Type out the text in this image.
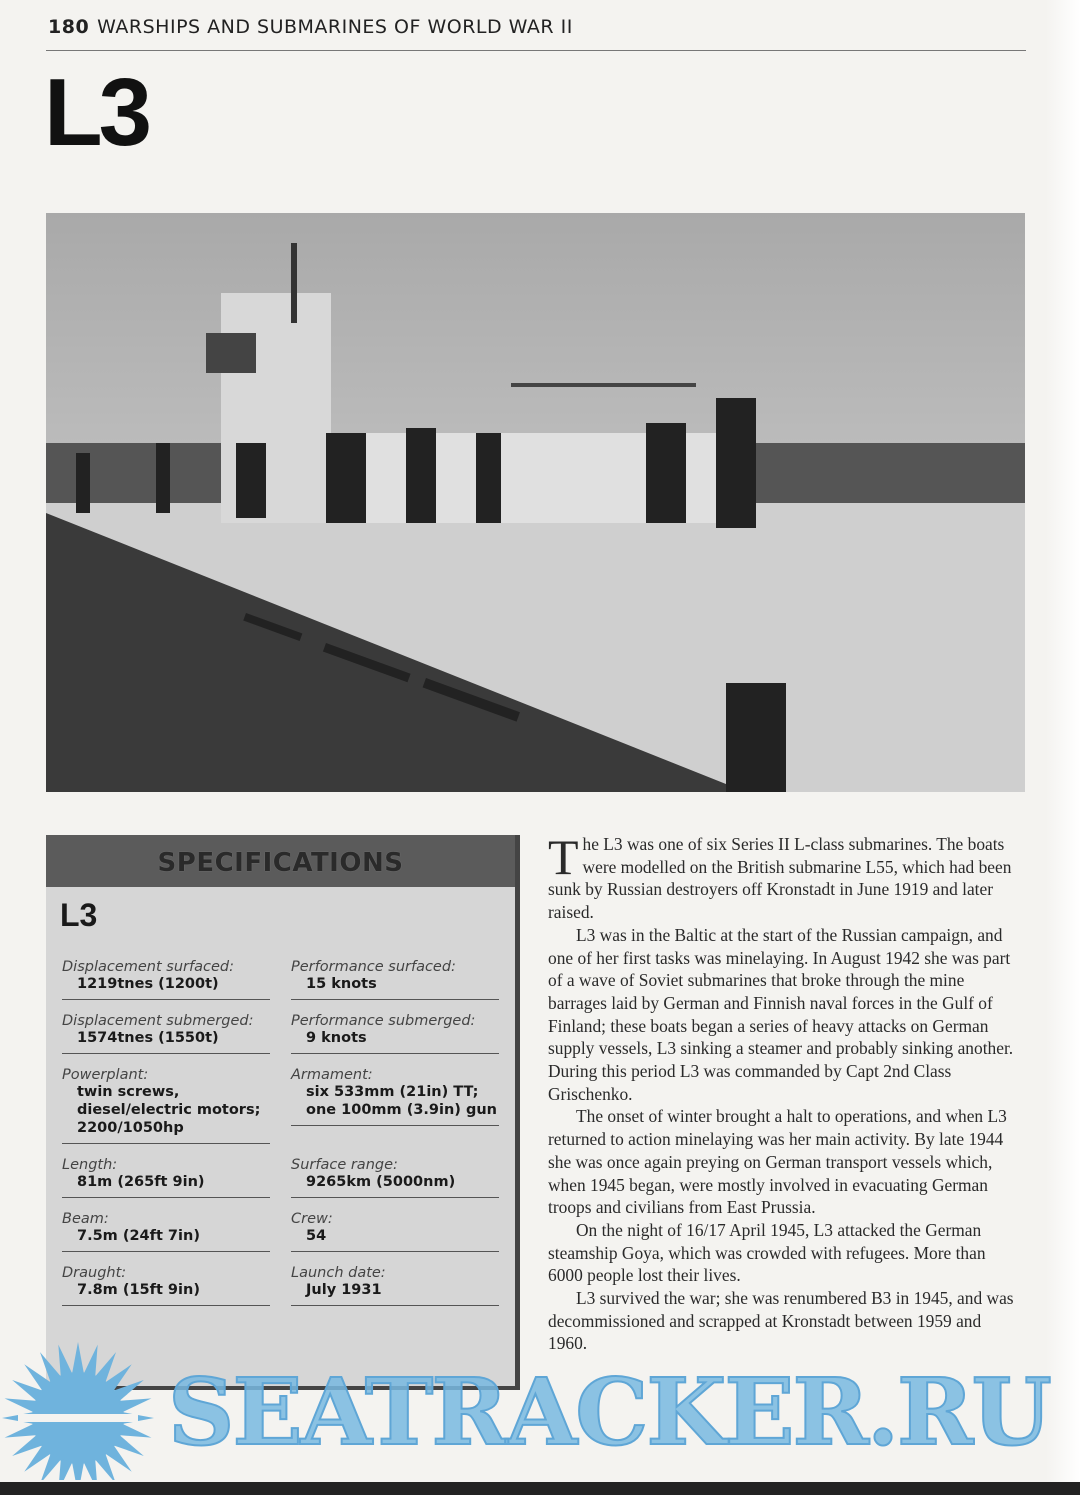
180 WARSHIPS AND SUBMARINES OF WORLD WAR II
L3
SPECIFICATIONS
L3
Displacement surfaced:
1219tnes (1200t)
Displacement submerged:
1574tnes (1550t)
Powerplant:
twin screws, diesel/electric motors; 2200/1050hp
Length:
81m (265ft 9in)
Beam:
7.5m (24ft 7in)
Draught:
7.8m (15ft 9in)
Performance surfaced:
15 knots
Performance submerged:
9 knots
Armament:
six 533mm (21in) TT; one 100mm (3.9in) gun
Surface range:
9265km (5000nm)
Crew:
54
Launch date:
July 1931

The L3 was one of six Series II L-class submarines. The boats were modelled on the British submarine L55, which had been sunk by Russian destroyers off Kronstadt in June 1919 and later raised.

L3 was in the Baltic at the start of the Russian campaign, and one of her first tasks was minelaying. In August 1942 she was part of a wave of Soviet submarines that broke through the mine barrages laid by German and Finnish naval forces in the Gulf of Finland; these boats began a series of heavy attacks on German supply vessels, L3 sinking a steamer and probably sinking another. During this period L3 was commanded by Capt 2nd Class Grischenko.

The onset of winter brought a halt to operations, and when L3 returned to action minelaying was her main activity. By late 1944 she was once again preying on German transport vessels which, when 1945 began, were mostly involved in evacuating German troops and civilians from East Prussia.

On the night of 16/17 April 1945, L3 attacked the German steamship Goya, which was crowded with refugees. More than 6000 people lost their lives.

L3 survived the war; she was renumbered B3 in 1945, and was decommissioned and scrapped at Kronstadt between 1959 and 1960.

SEATRACKER.RU
